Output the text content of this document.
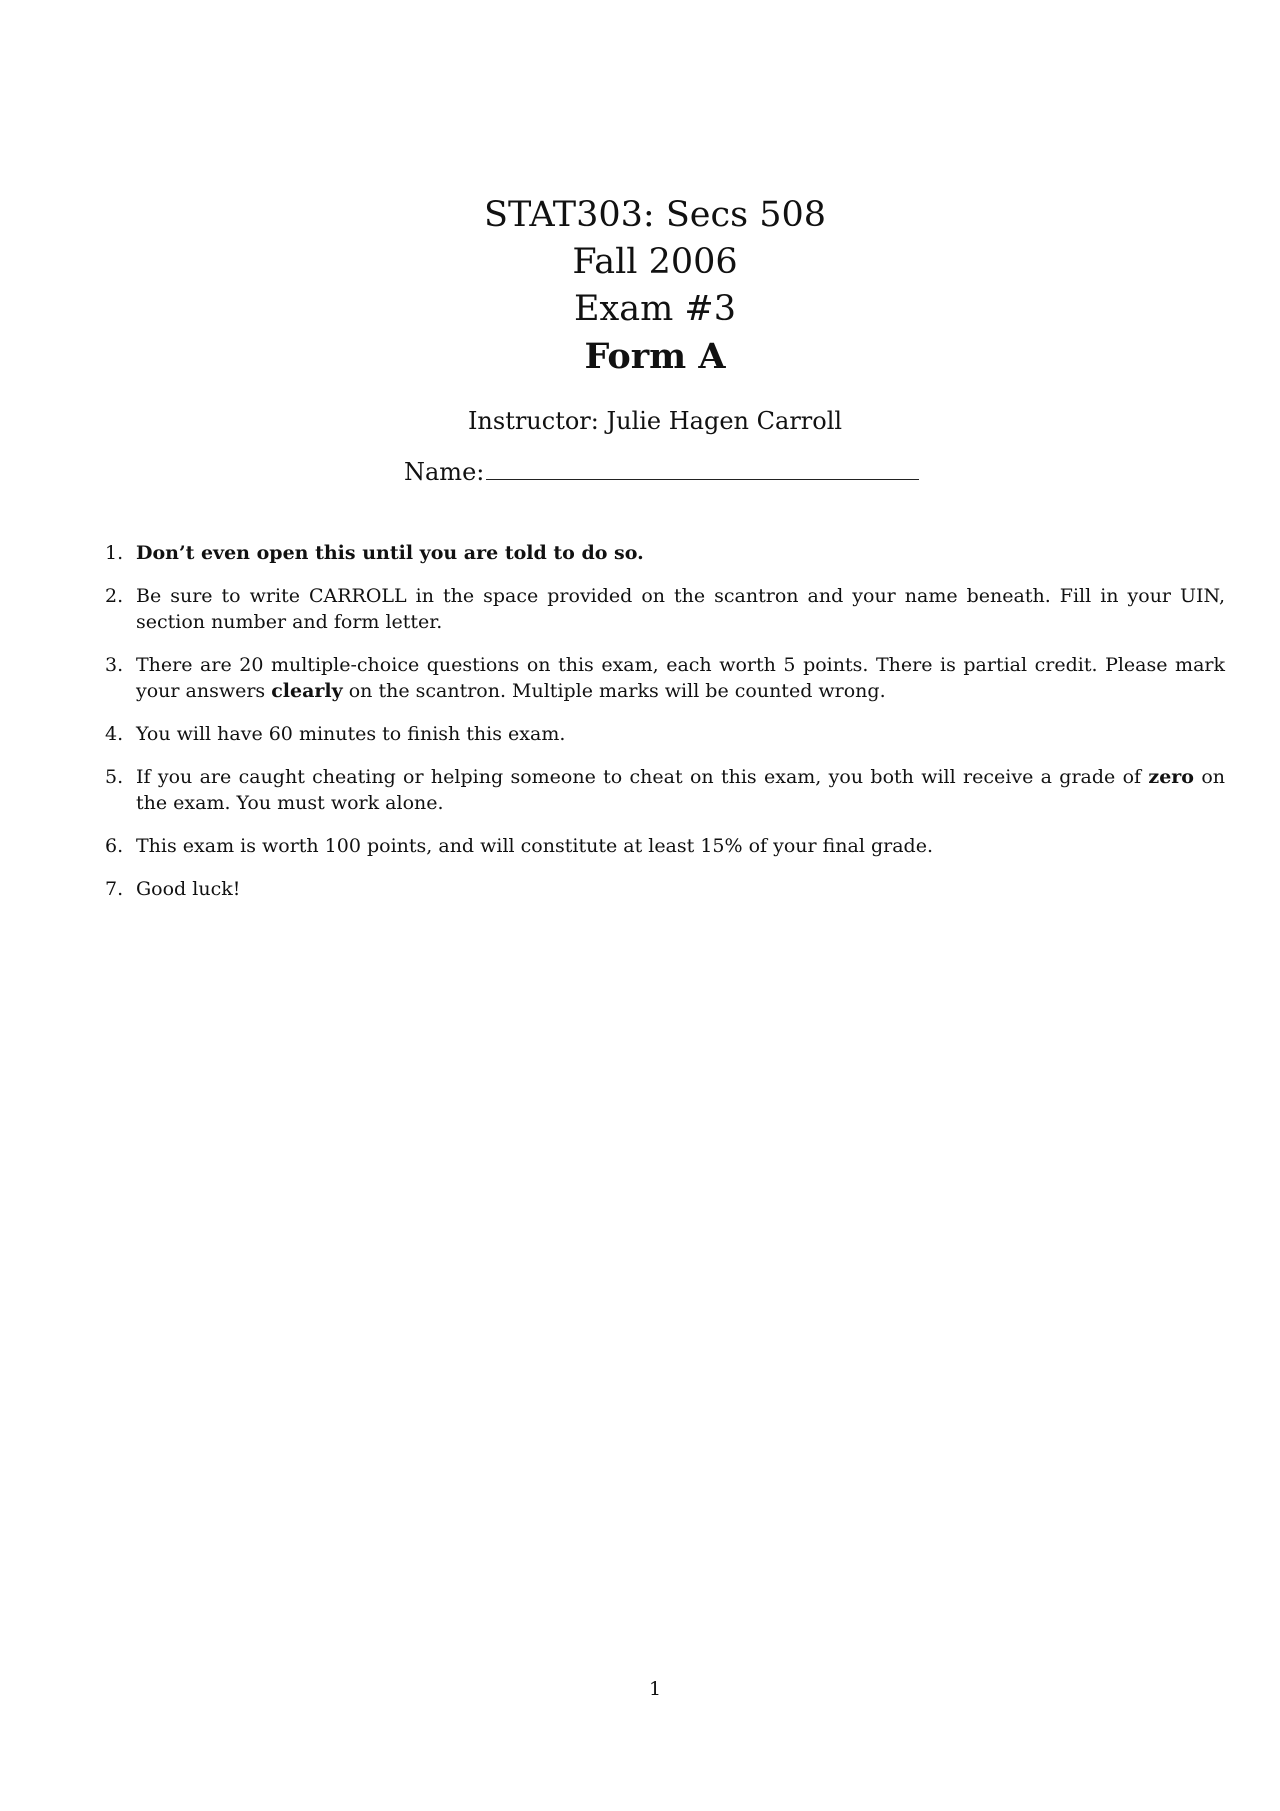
STAT303: Secs 508
Fall 2006
Exam #3
Form A
Instructor: Julie Hagen Carroll
Name:
1. Don’t even open this until you are told to do so.
2. Be sure to write CARROLL in the space provided on the scantron and your name beneath. Fill in your UIN, section number and form letter.
3. There are 20 multiple-choice questions on this exam, each worth 5 points. There is partial credit. Please mark your answers clearly on the scantron. Multiple marks will be counted wrong.
4. You will have 60 minutes to finish this exam.
5. If you are caught cheating or helping someone to cheat on this exam, you both will receive a grade of zero on the exam. You must work alone.
6. This exam is worth 100 points, and will constitute at least 15% of your final grade.
7. Good luck!
1
